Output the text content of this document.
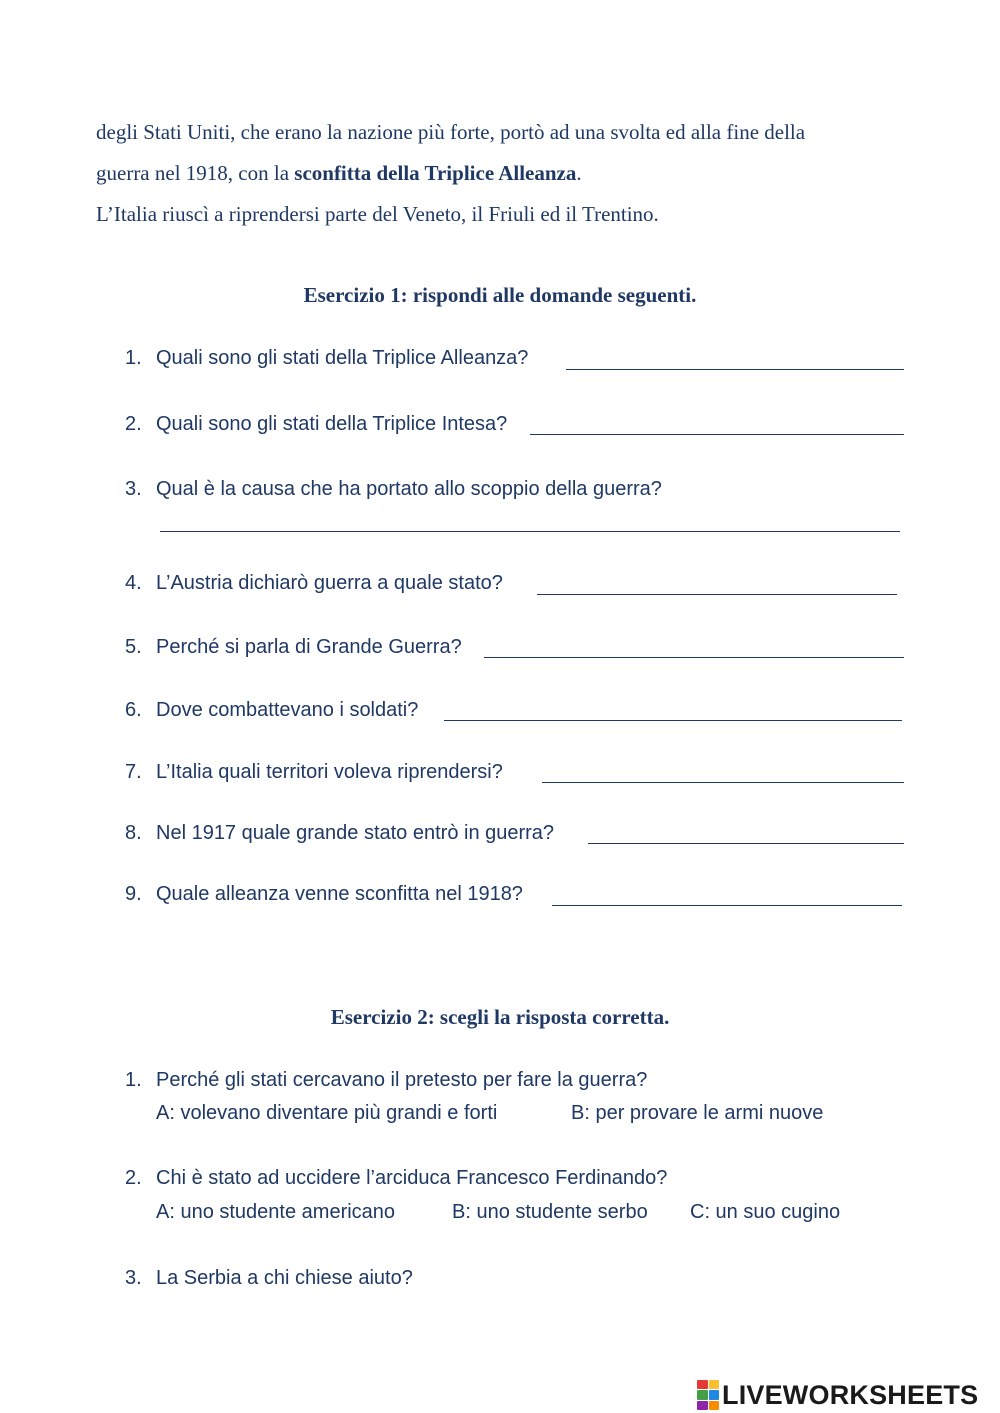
degli Stati Uniti, che erano la nazione più forte, portò ad una svolta ed alla fine della

guerra nel 1918, con la sconfitta della Triplice Alleanza.

L’Italia riuscì a riprendersi parte del Veneto, il Friuli ed il Trentino.

Esercizio 1: rispondi alle domande seguenti.
1. Quali sono gli stati della Triplice Alleanza?
2. Quali sono gli stati della Triplice Intesa?
3. Qual è la causa che ha portato allo scoppio della guerra?
4. L’Austria dichiarò guerra a quale stato?
5. Perché si parla di Grande Guerra?
6. Dove combattevano i soldati?
7. L’Italia quali territori voleva riprendersi?
8. Nel 1917 quale grande stato entrò in guerra?
9. Quale alleanza venne sconfitta nel 1918?
Esercizio 2: scegli la risposta corretta.
1. Perché gli stati cercavano il pretesto per fare la guerra?
A: volevano diventare più grandi e forti	B: per provare le armi nuove
2. Chi è stato ad uccidere l’arciduca Francesco Ferdinando?
A: uno studente americano	B: uno studente serbo C: un suo cugino
3. La Serbia a chi chiese aiuto?
LIVEWORKSHEETS
